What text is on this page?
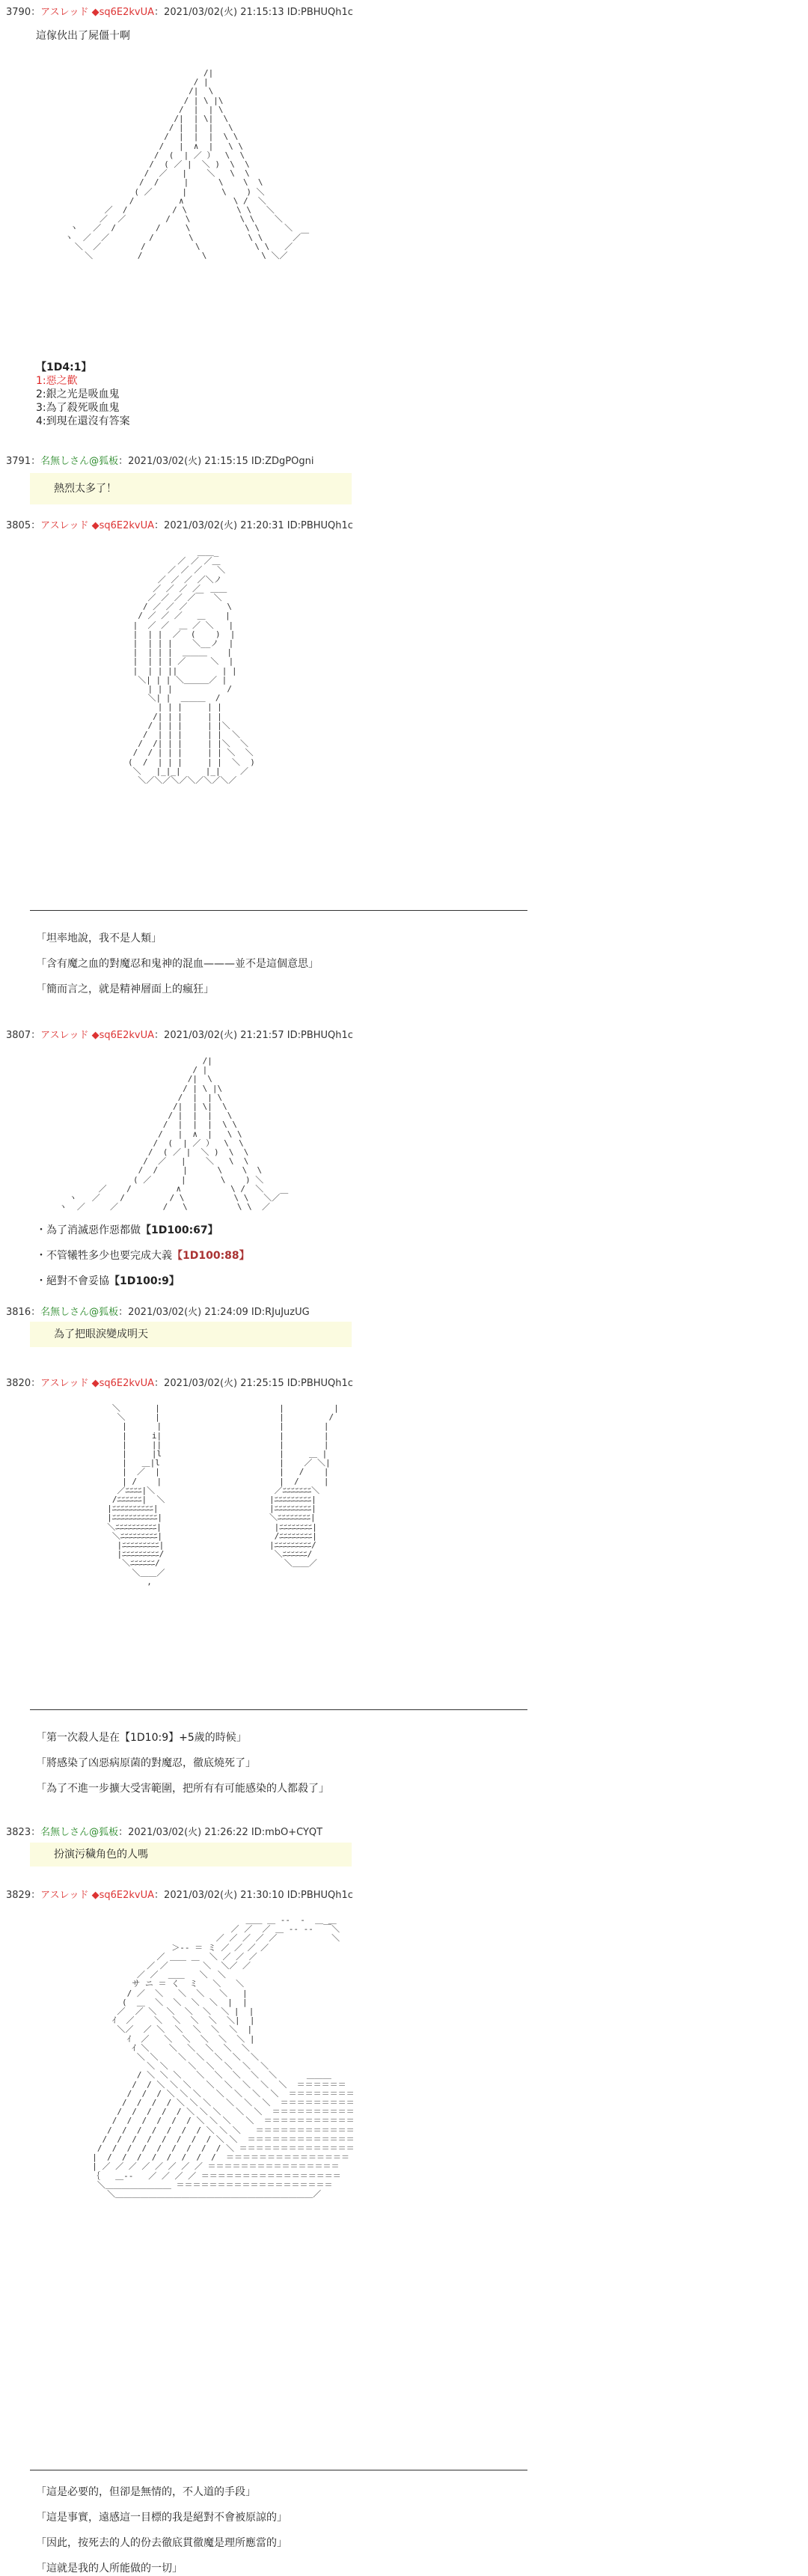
3790：アスレッド ◆sq6E2kvUA：2021/03/02(火) 21:15:13 ID:PBHUQh1c
這傢伙出了屍僵十啊
/|
/ |
/|  \
/ | \ |\
/  |  | \
/|  | \|  \
/ |  |  |   \
/  |  |  |  \ \
/   |  ∧  |   \ \
/  (  | ／ ）  \  \
/  ( ／ |  ＼ )  \  \
/  ／   |    ＼   \  \
/  /     |      \    \  \
( ／      |       \    ) ＼
/         ∧          \ /  ＼
／  /         / \          \ \   ＼
／  ／        /   \          \ \    ＼
ヽ   ／  /        /     \           \ \     ＼
ヽ  ／  ／        /       \           \ \      ／￣
＼  ／        /          \           \ \   ／
＼         /            \           \ ＼／
【1D4:1】
1:惡之歡
2:銀之光是吸血鬼
3:為了殺死吸血鬼
4:到現在還沒有答案
3791：名無しさん@狐板：2021/03/02(火) 21:15:15 ID:ZDgPOgni
熱烈太多了！
3805：アスレッド ◆sq6E2kvUA：2021/03/02(火) 21:20:31 ID:PBHUQh1c
＿＿_
／ ／ ／＿
／ ／ ／   ＼
／ ／ ／ ／＼ノ
／ ／ ／ ／  ＿＿
／ ／ ／ ／￣  ＼
/ ／ ／ ／        \
/ ／ ／ ／   ＿    |
|  ／ ／  ＿ ／ ＼   |
|  | |  ／  (    )  |
|  | | |    ＼__ノ  |
|  | | |  ＿＿＿    |
|  | | | ／     ＼  |
|  | | ||         | |
＼| | | ＼＿＿＿／ |
| | |           /
＼| |  ＿＿＿  /
| | |     | |
/| | |     | |
/ | | |     | |＼
/  | | |     | |  ＼
/  /| | |     | |＼  ＼
/  / | | |     | | ＼  ＼
(  /  | | |     | |  ＼  )
＼   |_|_|     |_|    ／
＼／＼／＼／＼／＼／＼／
「坦率地說，我不是人類」
「含有魔之血的對魔忍和鬼神的混血———並不是這個意思」
「簡而言之，就是精神層面上的瘋狂」
3807：アスレッド ◆sq6E2kvUA：2021/03/02(火) 21:21:57 ID:PBHUQh1c
/|
/ |
/|  \
/ | \ |\
/  |  | \
/|  | \|  \
/ |  |  |   \
/  |  |  |  \ \
/   |  ∧  |   \ \
/  (  | ／ ）  \  \
/  ( ／ |  ＼ )  \  \
/  ／   |    ＼   \  \
/  /     |      \    \  \
( ／      |       \    ) ＼
／    /         ∧          \ /  ＼
ヽ   ／    /         / \          \ \   ＼／￣
ヽ  ／     ／         /   \          \ \  ／
・為了消滅惡作惡都做【1D100:67】
・不管犧牲多少也要完成大義【1D100:88】
・絕對不會妥協【1D100:9】
3816：名無しさん@狐板：2021/03/02(火) 21:24:09 ID:RJuJuzUG
為了把眼淚變成明天
3820：アスレッド ◆sq6E2kvUA：2021/03/02(火) 21:25:15 ID:PBHUQh1c
＼       |
＼      |
|      |
|     i|
|     ||
|     |l
|   ＿|l
|  ／  |
| /    |
／ﾆﾆﾆﾆ|＼
/ﾆﾆﾆﾆﾆﾆ|  ＼
|ﾆﾆﾆﾆﾆﾆﾆﾆﾆﾆ|
|ﾆﾆﾆﾆﾆﾆﾆﾆﾆﾆﾆ|
＼ﾆﾆﾆﾆﾆﾆﾆﾆﾆﾆ|
＼ﾆﾆﾆﾆﾆﾆﾆﾆﾆ|
|ﾆﾆﾆﾆﾆﾆﾆﾆﾆ|
|ﾆﾆﾆﾆﾆﾆﾆﾆﾆ/
＼ﾆﾆﾆﾆﾆﾆ/
＼＿＿／
,
|          |
|         /
|        |
|        |
|        |
|     ＿ |
|    ／ ＼|
|   /    |
|  /     |
／ﾆﾆﾆﾆﾆﾆﾆ＼
|ﾆﾆﾆﾆﾆﾆﾆﾆﾆ|
|ﾆﾆﾆﾆﾆﾆﾆﾆﾆ|
＼ﾆﾆﾆﾆﾆﾆﾆﾆ|
|ﾆﾆﾆﾆﾆﾆﾆﾆ|
/ﾆﾆﾆﾆﾆﾆﾆﾆ|
|ﾆﾆﾆﾆﾆﾆﾆﾆﾆ/
＼ﾆﾆﾆﾆﾆﾆ/
＼＿＿／
「第一次殺人是在【1D10:9】+5歲的時候」
「將感染了凶惡病原菌的對魔忍，徹底燒死了」
「為了不進一步擴大受害範圍，把所有有可能感染的人都殺了」
3823：名無しさん@狐板：2021/03/02(火) 21:26:22 ID:mbO+CYQT
扮演污穢角色的人嗎
3829：アスレッド ◆sq6E2kvUA：2021/03/02(火) 21:30:10 ID:PBHUQh1c
＿＿ ＿ --  -  ＿ ＿
／ ／  ／ ＿ -‐ ‐‐  ￣＼
／ ／ ／ ／ ／           ＼
＞-‐ ＝ ミ ／ ／ ／ ／
／ ＿＿ ＿  ＼ ／ ／ ／
／ ／       ＼  ＼／ ／
／ ／  ＿＿   ＼  ＼
サ ニ ＝ く  ミ   ＼   ＼
/ ／  ＼   ＼  ＼   ＼   |
(  ＿  ＼  ＼  ＼  ＼  |  |
／  ／ ＼  ＼  ＼  ＼  ＼ |  |
ｲ  ／    ＼  ＼  ＼  ＼  ＼|  |
＼／  ／ ＼  ＼  ＼  ＼  ＼  |
ｲ  ／   ＼  ＼  ＼  ＼  ＼ |
ｲ ＼    ＼  ＼  ＼  ＼  ＼
＼ ＼    ＼  ＼  ＼  ＼  ＼
＼ ＼    ＼  ＼  ＼  ＼  ＼
/ ＼ ＼ ＼   ＼  ＼  ＼  ＼  ＼      ＿＿＿
/  / ＼ ＼ ＼   ＼  ＼  ＼  ＼  ＼  ＝＝＝＝＝＝
/  /  / ＼ ＼ ＼   ＼  ＼  ＼  ＼  ＝＝＝＝＝＝＝＝
/  /  /  / ＼ ＼ ＼   ＼  ＼  ＼  ＝＝＝＝＝＝＝＝＝
/  /  /  /  / ＼ ＼ ＼   ＼  ＼  ＝＝＝＝＝＝＝＝＝＝
/  /  /  /  /  / ＼ ＼ ＼   ＼  ＝＝＝＝＝＝＝＝＝＝＝
/  /  /  /  /  /  / ＼ ＼ ＼   ＝＝＝＝＝＝＝＝＝＝＝＝
/  /  /  /  /  /  /  / ＼ ＼  ＝＝＝＝＝＝＝＝＝＝＝＝＝
/  /  /  /  /  /  /  /  / ＼ ＝＝＝＝＝＝＝＝＝＝＝＝＝＝
|  /  /  /  /  /  /  /  /  ＝＝＝＝＝＝＝＝＝＝＝＝＝＝＝
| ／ ／ ／ ／ ／ ／ ／ ／ ＝＝＝＝＝＝＝＝＝＝＝＝＝＝＝＝
｛   ＿-‐   ／ ／ ／ ／ ＝＝＝＝＝＝＝＝＝＝＝＝＝＝＝＝＝
＼＿＿＿＿＿＿＿＿ ＝＝＝＝＝＝＝＝＝＝＝＝＝＝＝＝＝＝＝
＼＿＿＿＿＿＿＿＿＿＿＿＿＿＿＿＿＿＿＿＿＿＿＿＿／
「這是必要的，但卻是無情的，不人道的手段」
「這是事實，遠感這一目標的我是絕對不會被原諒的」
「因此，按死去的人的份去徹底貫徹魔是理所應當的」
「這就是我的人所能做的一切」
